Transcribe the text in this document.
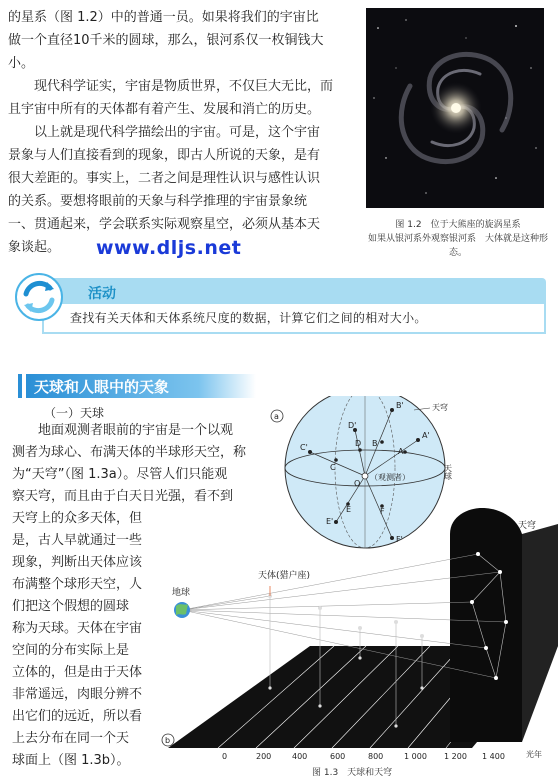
的星系（图 1.2）中的普通一员。如果将我们的宇宙比

做一个直径10千米的圆球，那么，银河系仅一枚铜钱大

小。

现代科学证实，宇宙是物质世界，不仅巨大无比，而

且宇宙中所有的天体都有着产生、发展和消亡的历史。

以上就是现代科学描绘出的宇宙。可是，这个宇宙

景象与人们直接看到的现象，即古人所说的天象，是有

很大差距的。事实上，二者之间是理性认识与感性认识

的关系。要想将眼前的天象与科学推理的宇宙景象统

一、贯通起来，学会联系实际观察星空，必须从基本天

象谈起。

图 1.2　位于大熊座的旋涡星系
如果从银河系外观察银河系　大体就是这种形态。
www.dljs.net
活动
查找有关天体和天体系统尺度的数据，计算它们之间的相对大小。
天球和人眼中的天象
（一）天球

地面观测者眼前的宇宙是一个以观

测者为球心、布满天体的半球形天空，称

为“天穹”（图 1.3a）。尽管人们只能观

察天穹，而且由于白天日光强，看不到

天穹上的众多天体，但

是，古人早就通过一些

现象，判断出天体应该

布满整个球形天空，人

们把这个假想的圆球

称为天球。天体在宇宙

空间的分布实际上是

立体的，但是由于天体

非常遥远，肉眼分辨不

出它们的远近，所以看

上去分布在同一个天

球面上（图 1.3b）。

A'
A
B'
B
D'
D
C'
C
E'
E
F'
F
O
（观测者）
a
天穹
天球
地球
天体(猎户座)
天穹
b
0	200	400	600	800	1 000 1 200 1 400	光年
图 1.3　天球和天穹
